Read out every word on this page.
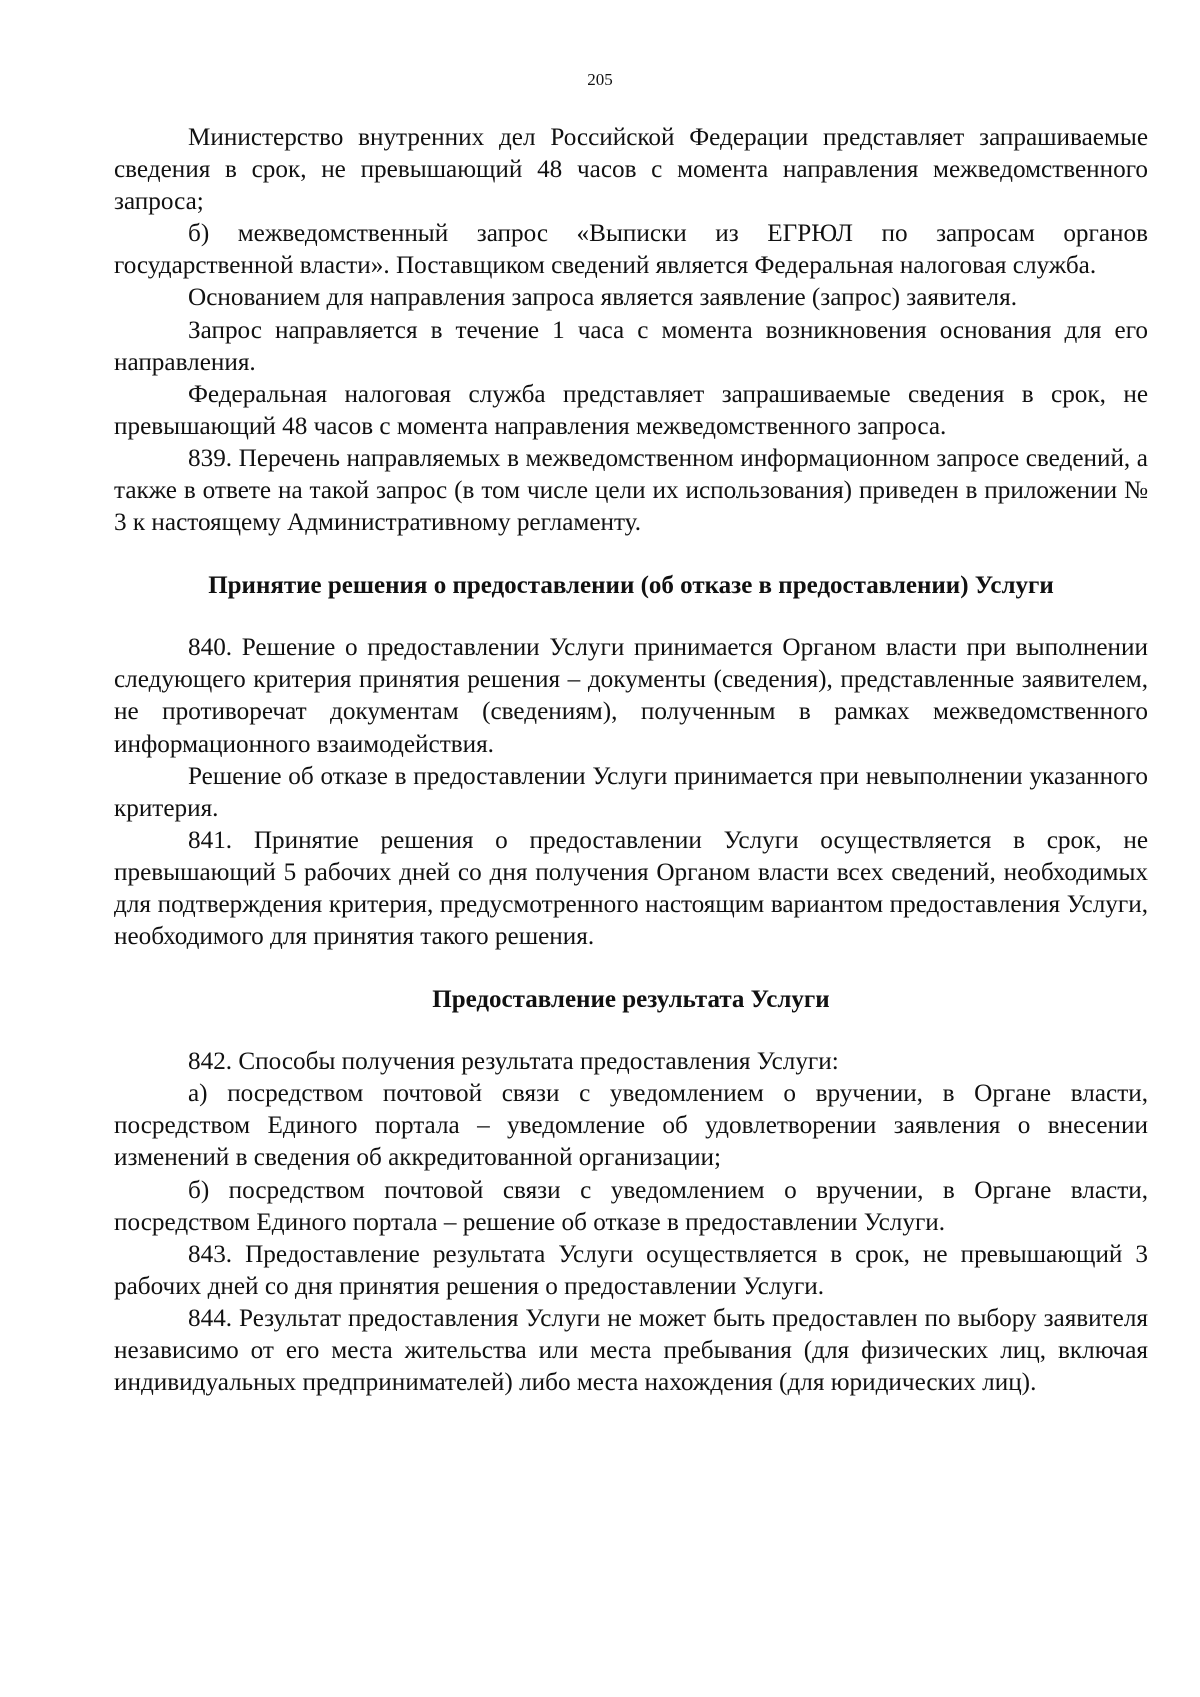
205

Министерство внутренних дел Российской Федерации представляет запрашиваемые сведения в срок, не превышающий 48 часов с момента направления межведомственного запроса;

б) межведомственный запрос «Выписки из ЕГРЮЛ по запросам органов государственной власти». Поставщиком сведений является Федеральная налоговая служба.

Основанием для направления запроса является заявление (запрос) заявителя.

Запрос направляется в течение 1 часа с момента возникновения основания для его направления.

Федеральная налоговая служба представляет запрашиваемые сведения в срок, не превышающий 48 часов с момента направления межведомственного запроса.

839. Перечень направляемых в межведомственном информационном запросе сведений, а также в ответе на такой запрос (в том числе цели их использования) приведен в приложении № 3 к настоящему Административному регламенту.

Принятие решения о предоставлении (об отказе в предоставлении) Услуги

840. Решение о предоставлении Услуги принимается Органом власти при выполнении следующего критерия принятия решения – документы (сведения), представленные заявителем, не противоречат документам (сведениям), полученным в рамках межведомственного информационного взаимодействия.

Решение об отказе в предоставлении Услуги принимается при невыполнении указанного критерия.

841. Принятие решения о предоставлении Услуги осуществляется в срок, не превышающий 5 рабочих дней со дня получения Органом власти всех сведений, необходимых для подтверждения критерия, предусмотренного настоящим вариантом предоставления Услуги, необходимого для принятия такого решения.

Предоставление результата Услуги

842. Способы получения результата предоставления Услуги:

а) посредством почтовой связи с уведомлением о вручении, в Органе власти, посредством Единого портала – уведомление об удовлетворении заявления о внесении изменений в сведения об аккредитованной организации;

б) посредством почтовой связи с уведомлением о вручении, в Органе власти, посредством Единого портала – решение об отказе в предоставлении Услуги.

843. Предоставление результата Услуги осуществляется в срок, не превышающий 3 рабочих дней со дня принятия решения о предоставлении Услуги.

844. Результат предоставления Услуги не может быть предоставлен по выбору заявителя независимо от его места жительства или места пребывания (для физических лиц, включая индивидуальных предпринимателей) либо места нахождения (для юридических лиц).
